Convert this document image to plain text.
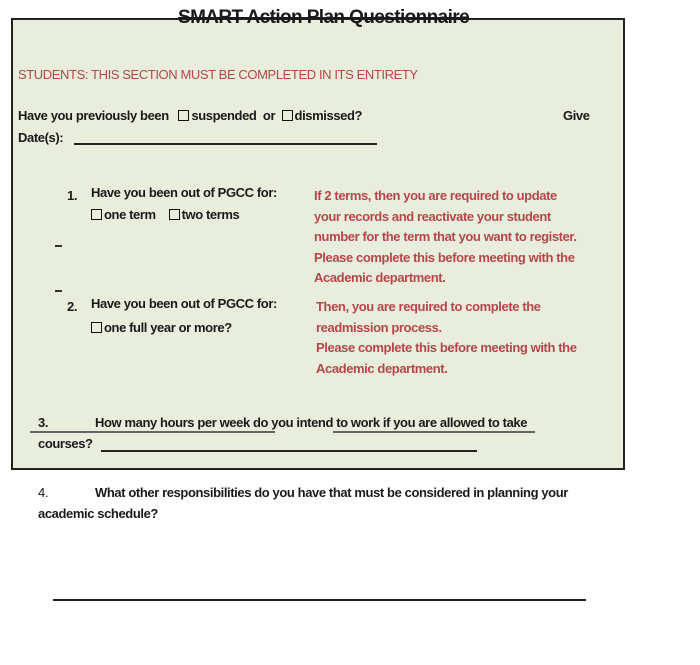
SMART Action Plan Questionnaire
STUDENTS: THIS SECTION MUST BE COMPLETED IN ITS ENTIRETY
Have you previously been suspended or dismissed?	Give
Date(s):
1. Have you been out of PGCC for:
one term two terms
If 2 terms, then you are required to update
your records and reactivate your student
number for the term that you want to register.
Please complete this before meeting with the
Academic department.
2. Have you been out of PGCC for:
one full year or more?
Then, you are required to complete the
readmission process.
Please complete this before meeting with the
Academic department.
3.	How many hours per week do you intend to work if you are allowed to take
courses?
4.	What other responsibilities do you have that must be considered in planning your
academic schedule?
